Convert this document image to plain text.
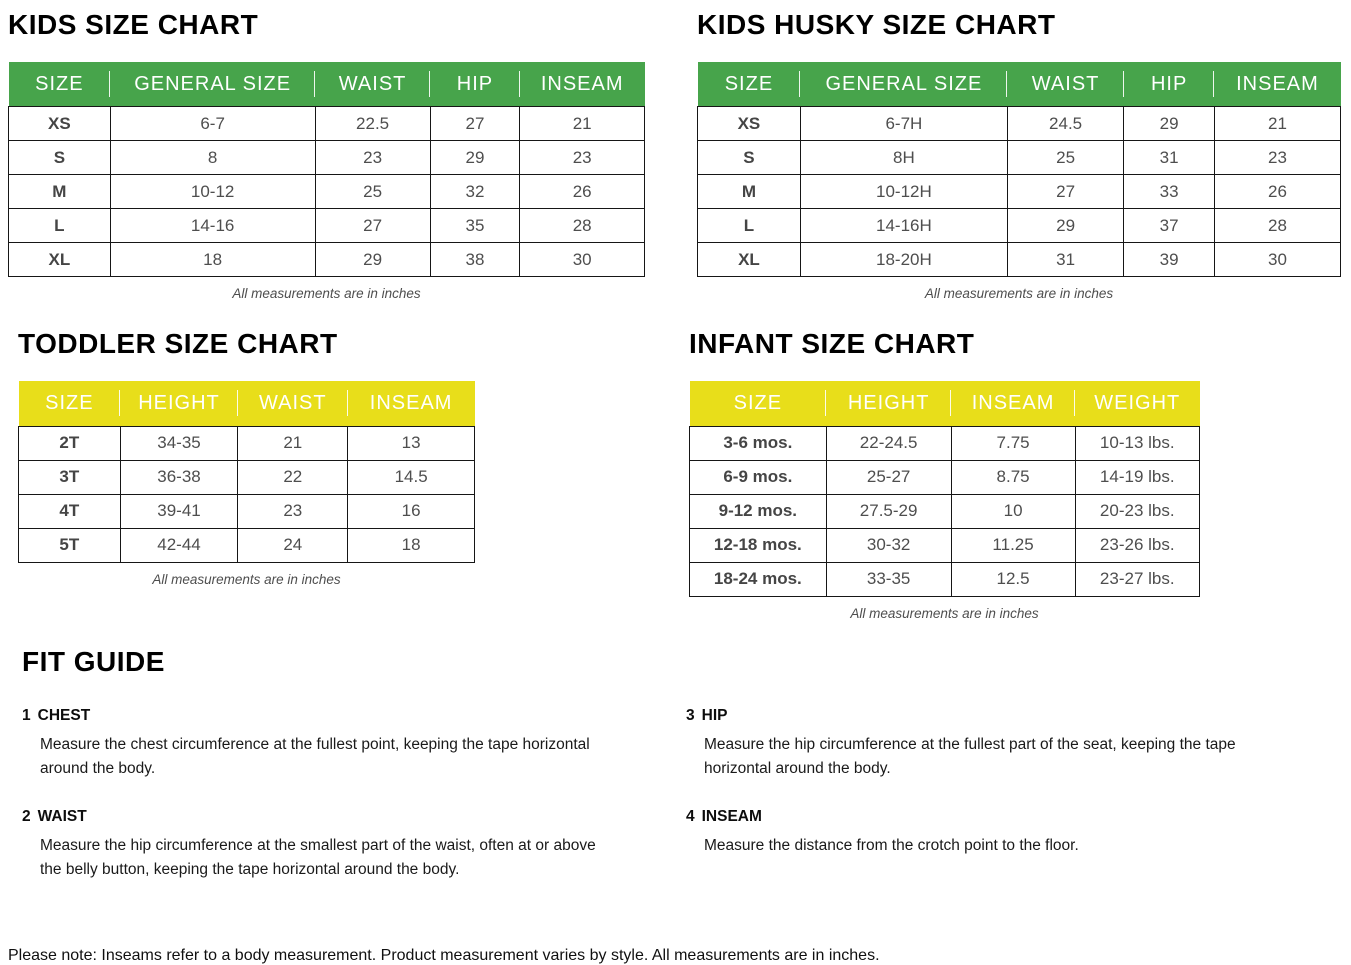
KIDS SIZE CHART
SIZE	GENERAL SIZE	WAIST	HIP	INSEAM
XS	6-7	22.5	27	21
S	8	23	29	23
M	10-12	25	32	26
L	14-16	27	35	28
XL	18	29	38	30
All measurements are in inches
KIDS HUSKY SIZE CHART
SIZE	GENERAL SIZE	WAIST	HIP	INSEAM
XS	6-7H	24.5	29	21
S	8H	25	31	23
M	10-12H	27	33	26
L	14-16H	29	37	28
XL	18-20H	31	39	30
All measurements are in inches
TODDLER SIZE CHART
SIZE	HEIGHT	WAIST	INSEAM
2T	34-35	21	13
3T	36-38	22	14.5
4T	39-41	23	16
5T	42-44	24	18
All measurements are in inches
INFANT SIZE CHART
SIZE	HEIGHT	INSEAM	WEIGHT
3-6 mos.	22-24.5	7.75	10-13 lbs.
6-9 mos.	25-27	8.75	14-19 lbs.
9-12 mos.	27.5-29	10	20-23 lbs.
12-18 mos.	30-32	11.25	23-26 lbs.
18-24 mos.	33-35	12.5	23-27 lbs.
All measurements are in inches
FIT GUIDE
1 CHEST
Measure the chest circumference at the fullest point, keeping the tape horizontal around the body.
2 WAIST
Measure the hip circumference at the smallest part of the waist, often at or above the belly button, keeping the tape horizontal around the body.
3 HIP
Measure the hip circumference at the fullest part of the seat, keeping the tape horizontal around the body.
4 INSEAM
Measure the distance from the crotch point to the floor.
Please note: Inseams refer to a body measurement. Product measurement varies by style. All measurements are in inches.
